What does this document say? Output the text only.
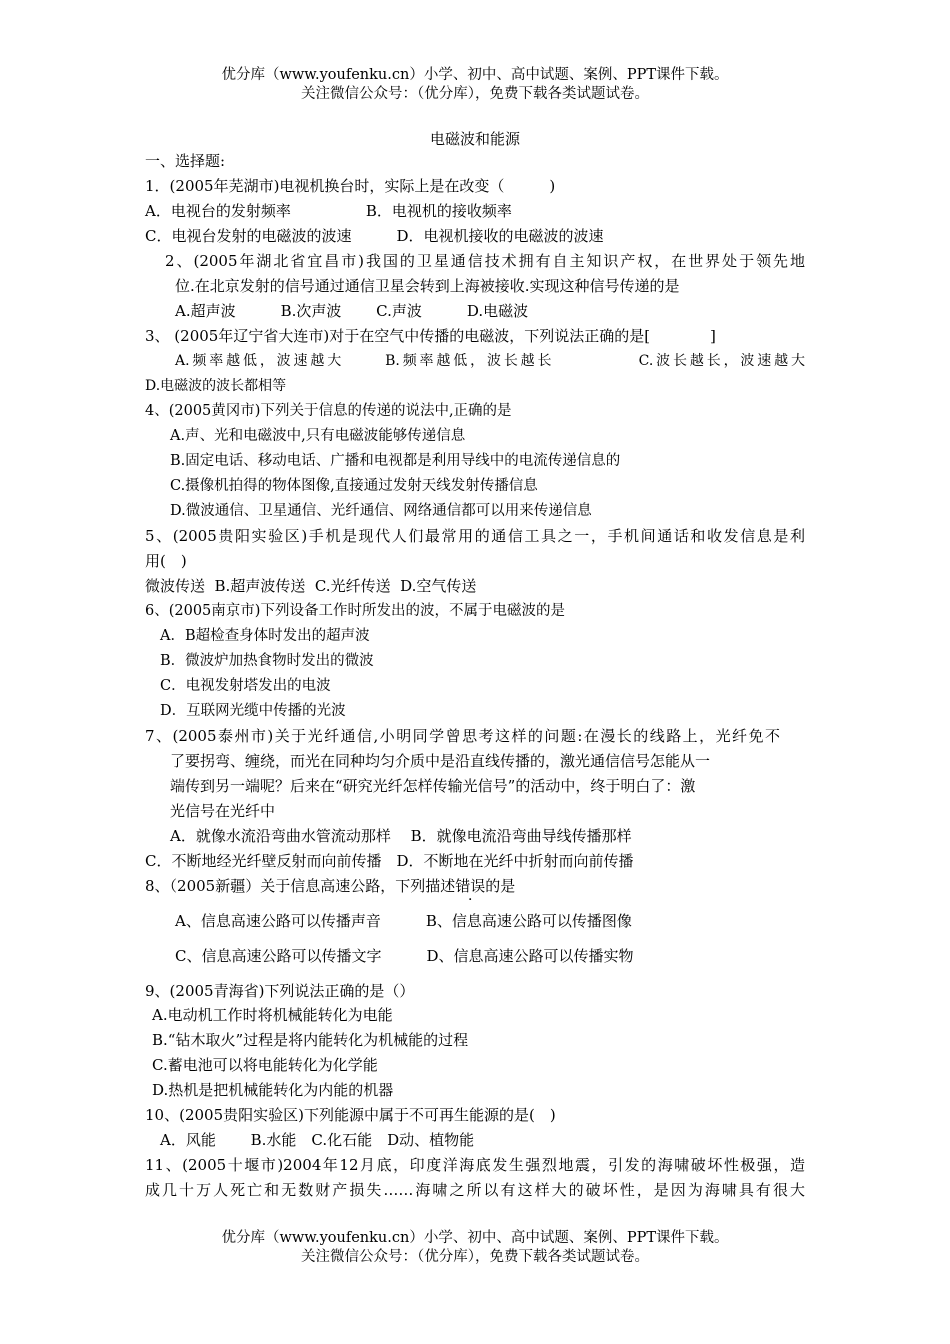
优分库（www.youfenku.cn）小学、初中、高中试题、案例、PPT课件下载。
关注微信公众号：（优分库），免费下载各类试题试卷。
电磁波和能源
一、选择题:
1．(2005年芜湖市)电视机换台时，实际上是在改变（　　　)
A．电视台的发射频率　　　　　B．电视机的接收频率
C．电视台发射的电磁波的波速　　　D．电视机接收的电磁波的波速
2、(2005年湖北省宜昌市)我国的卫星通信技术拥有自主知识产权，在世界处于领先地
位.在北京发射的信号通过通信卫星会转到上海被接收.实现这种信号传递的是
A.超声波　　　B.次声波　　 C.声波　　　D.电磁波
3、 (2005年辽宁省大连市)对于在空气中传播的电磁波，下列说法正确的是[　　　　]
A.频率越低，波速越大　　 B.频率越低，波长越长　　　　　C.波长越长，波速越大
D.电磁波的波长都相等
4、(2005黄冈市)下列关于信息的传递的说法中,正确的是
A.声、光和电磁波中,只有电磁波能够传递信息
B.固定电话、移动电话、广播和电视都是利用导线中的电流传递信息的
C.摄像机拍得的物体图像,直接通过发射天线发射传播信息
D.微波通信、卫星通信、光纤通信、网络通信都可以用来传递信息
5、(2005贵阳实验区)手机是现代人们最常用的通信工具之一，手机间通话和收发信息是利
用(　)
微波传送  B.超声波传送  C.光纤传送  D.空气传送
6、(2005南京市)下列设备工作时所发出的波，不属于电磁波的是
A．B超检查身体时发出的超声波
B．微波炉加热食物时发出的微波
C．电视发射塔发出的电波
D．互联网光缆中传播的光波
7、(2005泰州市)关于光纤通信,小明同学曾思考这样的问题:在漫长的线路上，光纤免不
了要拐弯、缠绕，而光在同种均匀介质中是沿直线传播的，激光通信信号怎能从一
端传到另一端呢？后来在“研究光纤怎样传输光信号”的活动中，终于明白了：激
光信号在光纤中
A．就像水流沿弯曲水管流动那样　 B．就像电流沿弯曲导线传播那样
C．不断地经光纤壁反射而向前传播　D．不断地在光纤中折射而向前传播
8、（2005新疆）关于信息高速公路，下列描述错误的是
A、信息高速公路可以传播声音　　　B、信息高速公路可以传播图像
C、信息高速公路可以传播文字　　　D、信息高速公路可以传播实物
9、(2005青海省)下列说法正确的是（）
A.电动机工作时将机械能转化为电能
B.“钻木取火”过程是将内能转化为机械能的过程
C.蓄电池可以将电能转化为化学能
D.热机是把机械能转化为内能的机器
10、(2005贵阳实验区)下列能源中属于不可再生能源的是(　)
A．风能　　 B.水能　C.化石能　D动、植物能
11、(2005十堰市)2004年12月底，印度洋海底发生强烈地震，引发的海啸破坏性极强，造
成几十万人死亡和无数财产损失……海啸之所以有这样大的破坏性，是因为海啸具有很大
优分库（www.youfenku.cn）小学、初中、高中试题、案例、PPT课件下载。
关注微信公众号：（优分库），免费下载各类试题试卷。
